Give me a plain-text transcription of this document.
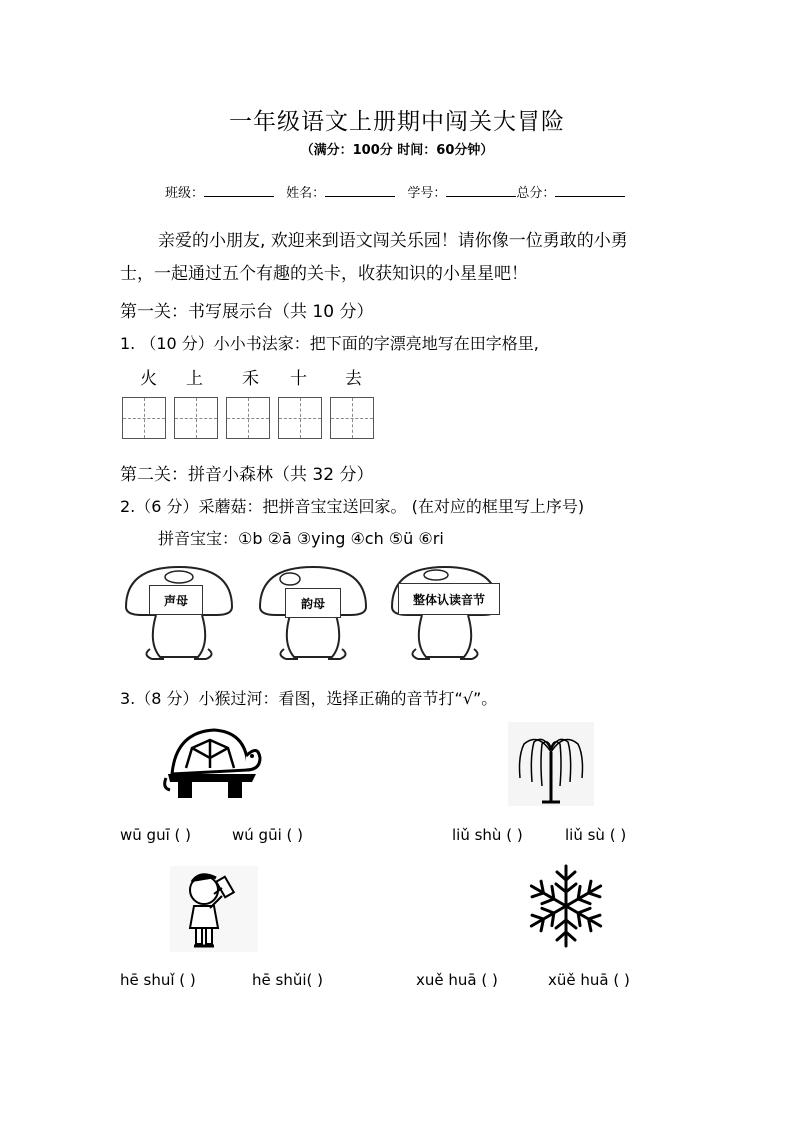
一年级语文上册期中闯关大冒险
（满分：100分 时间：60分钟）
班级：	姓名：	学号：	总分：
亲爱的小朋友, 欢迎来到语文闯关乐园！请你像一位勇敢的小勇
士，一起通过五个有趣的关卡，收获知识的小星星吧！
第一关：书写展示台（共 10 分）
1. （10 分）小小书法家：把下面的字漂亮地写在田字格里,
火 上 禾 十 去
第二关：拼音小森林（共 32 分）
2.（6 分）采蘑菇：把拼音宝宝送回家。 (在对应的框里写上序号)
拼音宝宝：①b ②ā ③ying ④ch ⑤ü ⑥ri
声母	韵母	整体认读音节
3.（8 分）小猴过河：看图，选择正确的音节打“√”。
wū guī ( )	wú gūi ( )	liǔ shù ( )	liǔ sù ( )
hē shuǐ ( )	hē shǔi( )	xuě huā ( )	xüě huā ( )
